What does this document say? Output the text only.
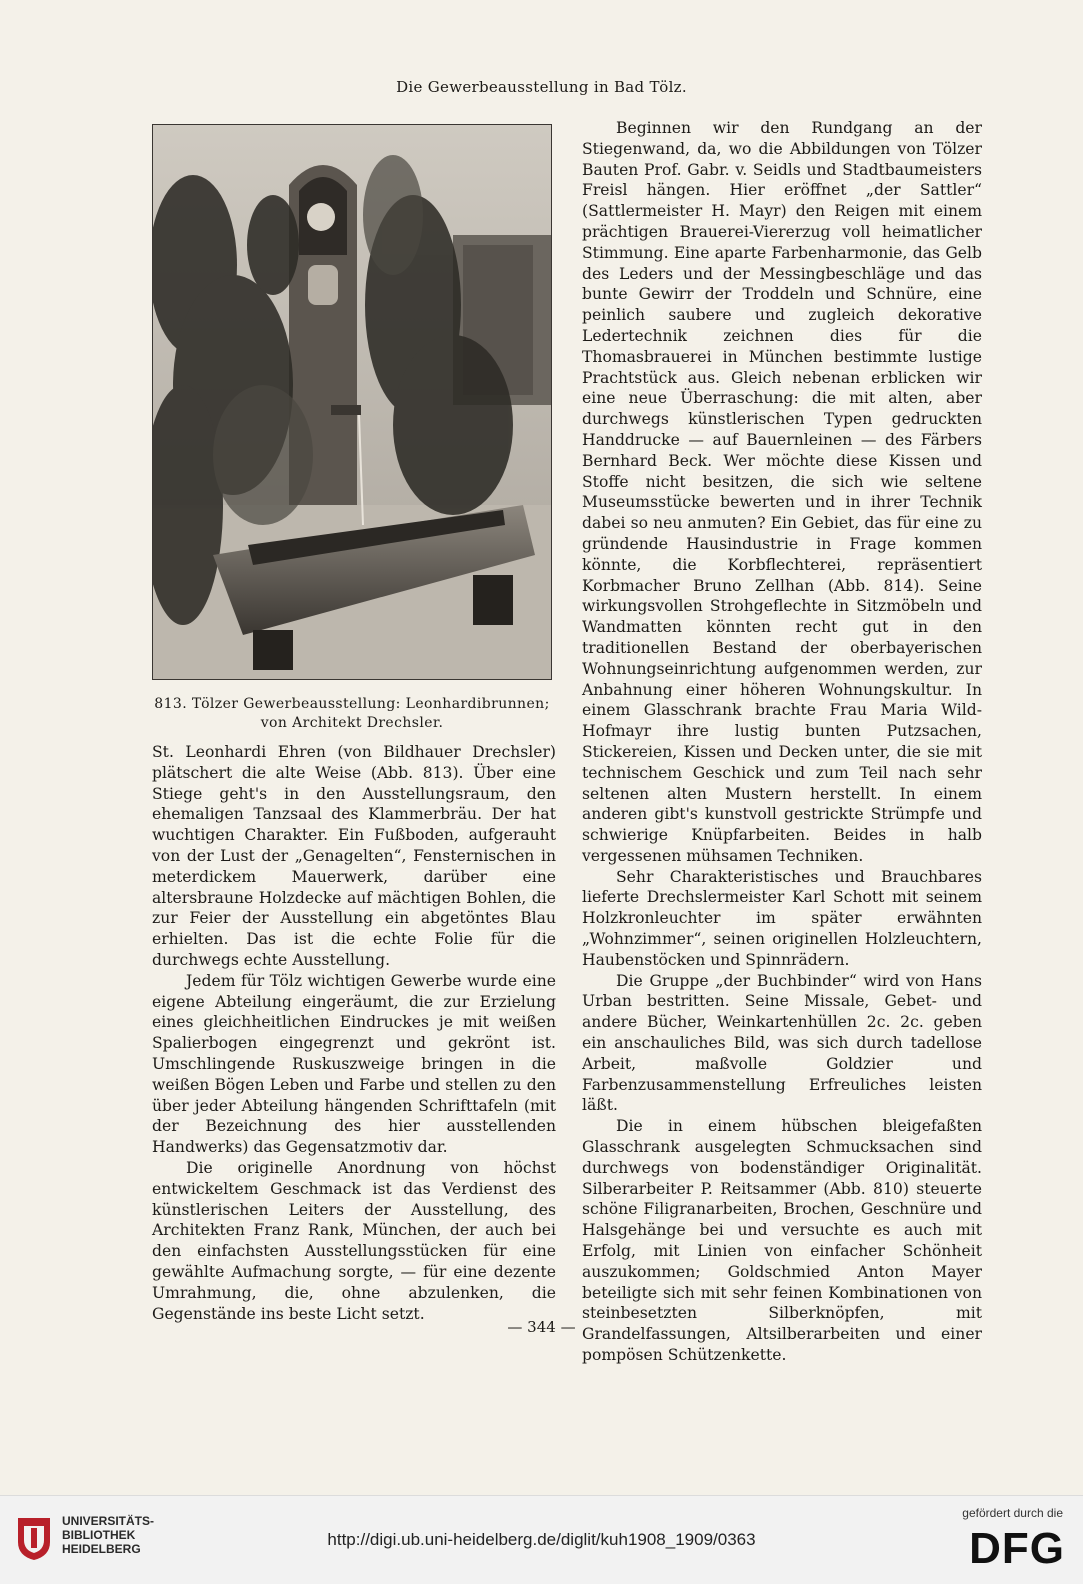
Die Gewerbeausstellung in Bad Tölz.
813. Tölzer Gewerbeausstellung: Leonhardibrunnen;
von Architekt Drechsler.

St. Leonhardi Ehren (von Bildhauer Drechsler) plätschert die alte Weise (Abb. 813). Über eine Stiege geht's in den Ausstellungsraum, den ehemaligen Tanzsaal des Klammerbräu. Der hat wuchtigen Charakter. Ein Fußboden, aufgerauht von der Lust der „Genagelten“, Fensternischen in meterdickem Mauerwerk, darüber eine altersbraune Holzdecke auf mächtigen Bohlen, die zur Feier der Ausstellung ein abgetöntes Blau erhielten. Das ist die echte Folie für die durchwegs echte Ausstellung.

Jedem für Tölz wichtigen Gewerbe wurde eine eigene Abteilung eingeräumt, die zur Erzielung eines gleichheitlichen Eindruckes je mit weißen Spalierbogen eingegrenzt und gekrönt ist. Umschlingende Ruskuszweige bringen in die weißen Bögen Leben und Farbe und stellen zu den über jeder Abteilung hängenden Schrifttafeln (mit der Bezeichnung des hier ausstellenden Handwerks) das Gegensatzmotiv dar.

Die originelle Anordnung von höchst entwickeltem Geschmack ist das Verdienst des künstlerischen Leiters der Ausstellung, des Architekten Franz Rank, München, der auch bei den einfachsten Ausstellungsstücken für eine gewählte Aufmachung sorgte, — für eine dezente Umrahmung, die, ohne abzulenken, die Gegenstände ins beste Licht setzt.

Beginnen wir den Rundgang an der Stiegenwand, da, wo die Abbildungen von Tölzer Bauten Prof. Gabr. v. Seidls und Stadtbaumeisters Freisl hängen. Hier eröffnet „der Sattler“ (Sattlermeister H. Mayr) den Reigen mit einem prächtigen Brauerei-Viererzug voll heimatlicher Stimmung. Eine aparte Farbenharmonie, das Gelb des Leders und der Messingbeschläge und das bunte Gewirr der Troddeln und Schnüre, eine peinlich saubere und zugleich dekorative Ledertechnik zeichnen dies für die Thomasbrauerei in München bestimmte lustige Prachtstück aus. Gleich nebenan erblicken wir eine neue Überraschung: die mit alten, aber durchwegs künstlerischen Typen gedruckten Handdrucke — auf Bauernleinen — des Färbers Bernhard Beck. Wer möchte diese Kissen und Stoffe nicht besitzen, die sich wie seltene Museumsstücke bewerten und in ihrer Technik dabei so neu anmuten? Ein Gebiet, das für eine zu gründende Hausindustrie in Frage kommen könnte, die Korbflechterei, repräsentiert Korbmacher Bruno Zellhan (Abb. 814). Seine wirkungsvollen Strohgeflechte in Sitzmöbeln und Wandmatten könnten recht gut in den traditionellen Bestand der oberbayerischen Wohnungseinrichtung aufgenommen werden, zur Anbahnung einer höheren Wohnungskultur. In einem Glasschrank brachte Frau Maria Wild-Hofmayr ihre lustig bunten Putzsachen, Stickereien, Kissen und Decken unter, die sie mit technischem Geschick und zum Teil nach sehr seltenen alten Mustern herstellt. In einem anderen gibt's kunstvoll gestrickte Strümpfe und schwierige Knüpfarbeiten. Beides in halb vergessenen mühsamen Techniken.

Sehr Charakteristisches und Brauchbares lieferte Drechslermeister Karl Schott mit seinem Holzkronleuchter im später erwähnten „Wohnzimmer“, seinen originellen Holzleuchtern, Haubenstöcken und Spinnrädern.

Die Gruppe „der Buchbinder“ wird von Hans Urban bestritten. Seine Missale, Gebet- und andere Bücher, Weinkartenhüllen 2c. 2c. geben ein anschauliches Bild, was sich durch tadellose Arbeit, maßvolle Goldzier und Farbenzusammenstellung Erfreuliches leisten läßt.

Die in einem hübschen bleigefaßten Glasschrank ausgelegten Schmucksachen sind durchwegs von bodenständiger Originalität. Silberarbeiter P. Reitsammer (Abb. 810) steuerte schöne Filigranarbeiten, Brochen, Geschnüre und Halsgehänge bei und versuchte es auch mit Erfolg, mit Linien von einfacher Schönheit auszukommen; Goldschmied Anton Mayer beteiligte sich mit sehr feinen Kombinationen von steinbesetzten Silberknöpfen, mit Grandelfassungen, Altsilberarbeiten und einer pompösen Schützenkette.

— 344 —
UNIVERSITÄTS-
BIBLIOTHEK
HEIDELBERG	http://digi.ub.uni-heidelberg.de/diglit/kuh1908_1909/0363
gefördert durch die
DFG
